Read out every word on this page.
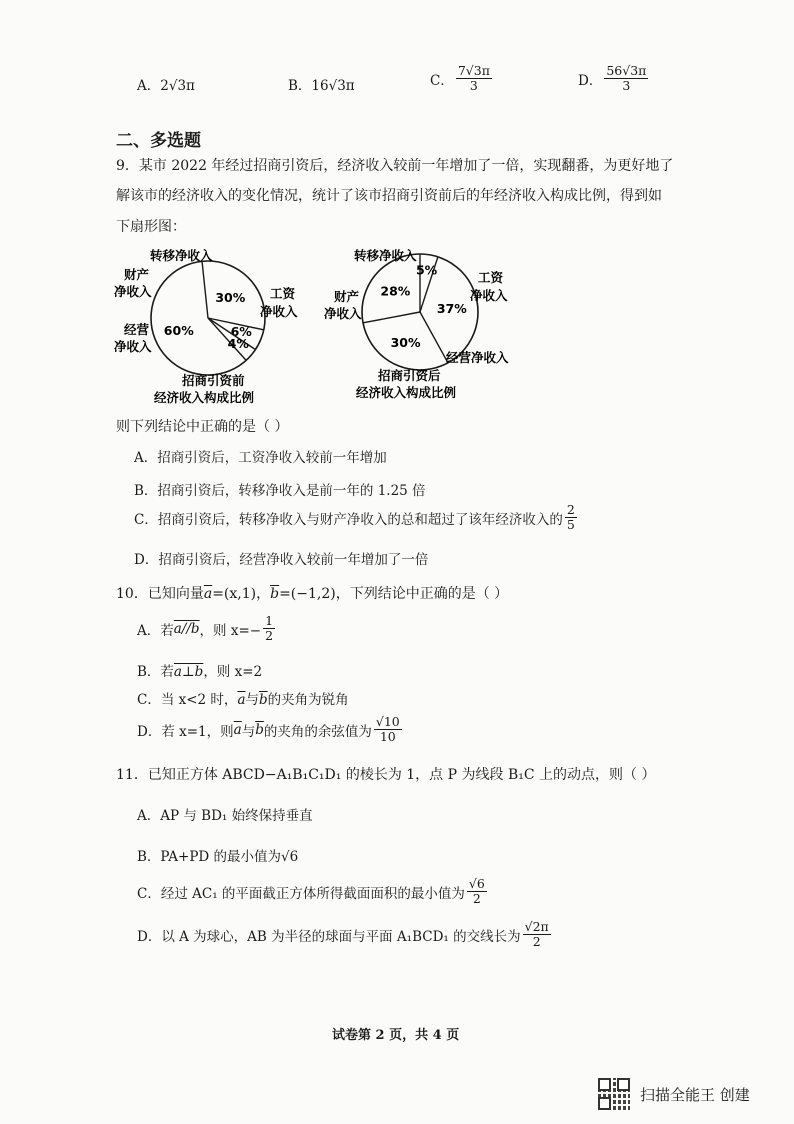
A．2√3π	B．16√3π	C． $\frac{7√3\pi}{3}$	D． $\frac{56√3\pi}{3}$
二、多选题
9．某市 2022 年经过招商引资后，经济收入较前一年增加了一倍，实现翻番，为更好地了
解该市的经济收入的变化情况，统计了该市招商引资前后的年经济收入构成比例，得到如
下扇形图：
60%
30%
6%
4%
转移净收入
财产
净收入
经营
净收入
工资
净收入
招商引资前
经济收入构成比例
37%
30%
28%
5%
转移净收入
工资
净收入
财产
净收入
经营净收入
招商引资后
经济收入构成比例
则下列结论中正确的是（ ）
A．招商引资后，工资净收入较前一年增加
B．招商引资后，转移净收入是前一年的 1.25 倍
C．招商引资后，转移净收入与财产净收入的总和超过了该年经济收入的 $\frac{2}{5}$
D．招商引资后，经营净收入较前一年增加了一倍
10．已知向量$\overline{a}=(x,1)$，$\overline{b}=(-1,2)$，下列结论中正确的是（ ）
A．若 a//b ，则 $x=- \frac{1}{2}$
B．若a⊥b，则 x=2
C．当 x<2 时，$\overline{a}$与$\overline{b}$的夹角为锐角
D．若 x=1，则 $\overline{a}$ 与 $\overline{b}$ 的夹角的余弦值为 $\frac{√10}{10}$
11．已知正方体 ABCD−A₁B₁C₁D₁ 的棱长为 1，点 P 为线段 B₁C 上的动点，则（ ）
A．AP 与 BD₁ 始终保持垂直
B．PA+PD 的最小值为√6
C．经过 AC₁ 的平面截正方体所得截面面积的最小值为 $\frac{√6}{2}$
D．以 A 为球心，AB 为半径的球面与平面 A₁BCD₁ 的交线长为 $\frac{√2\pi}{2}$
试卷第 2 页，共 4 页
扫描全能王 创建
